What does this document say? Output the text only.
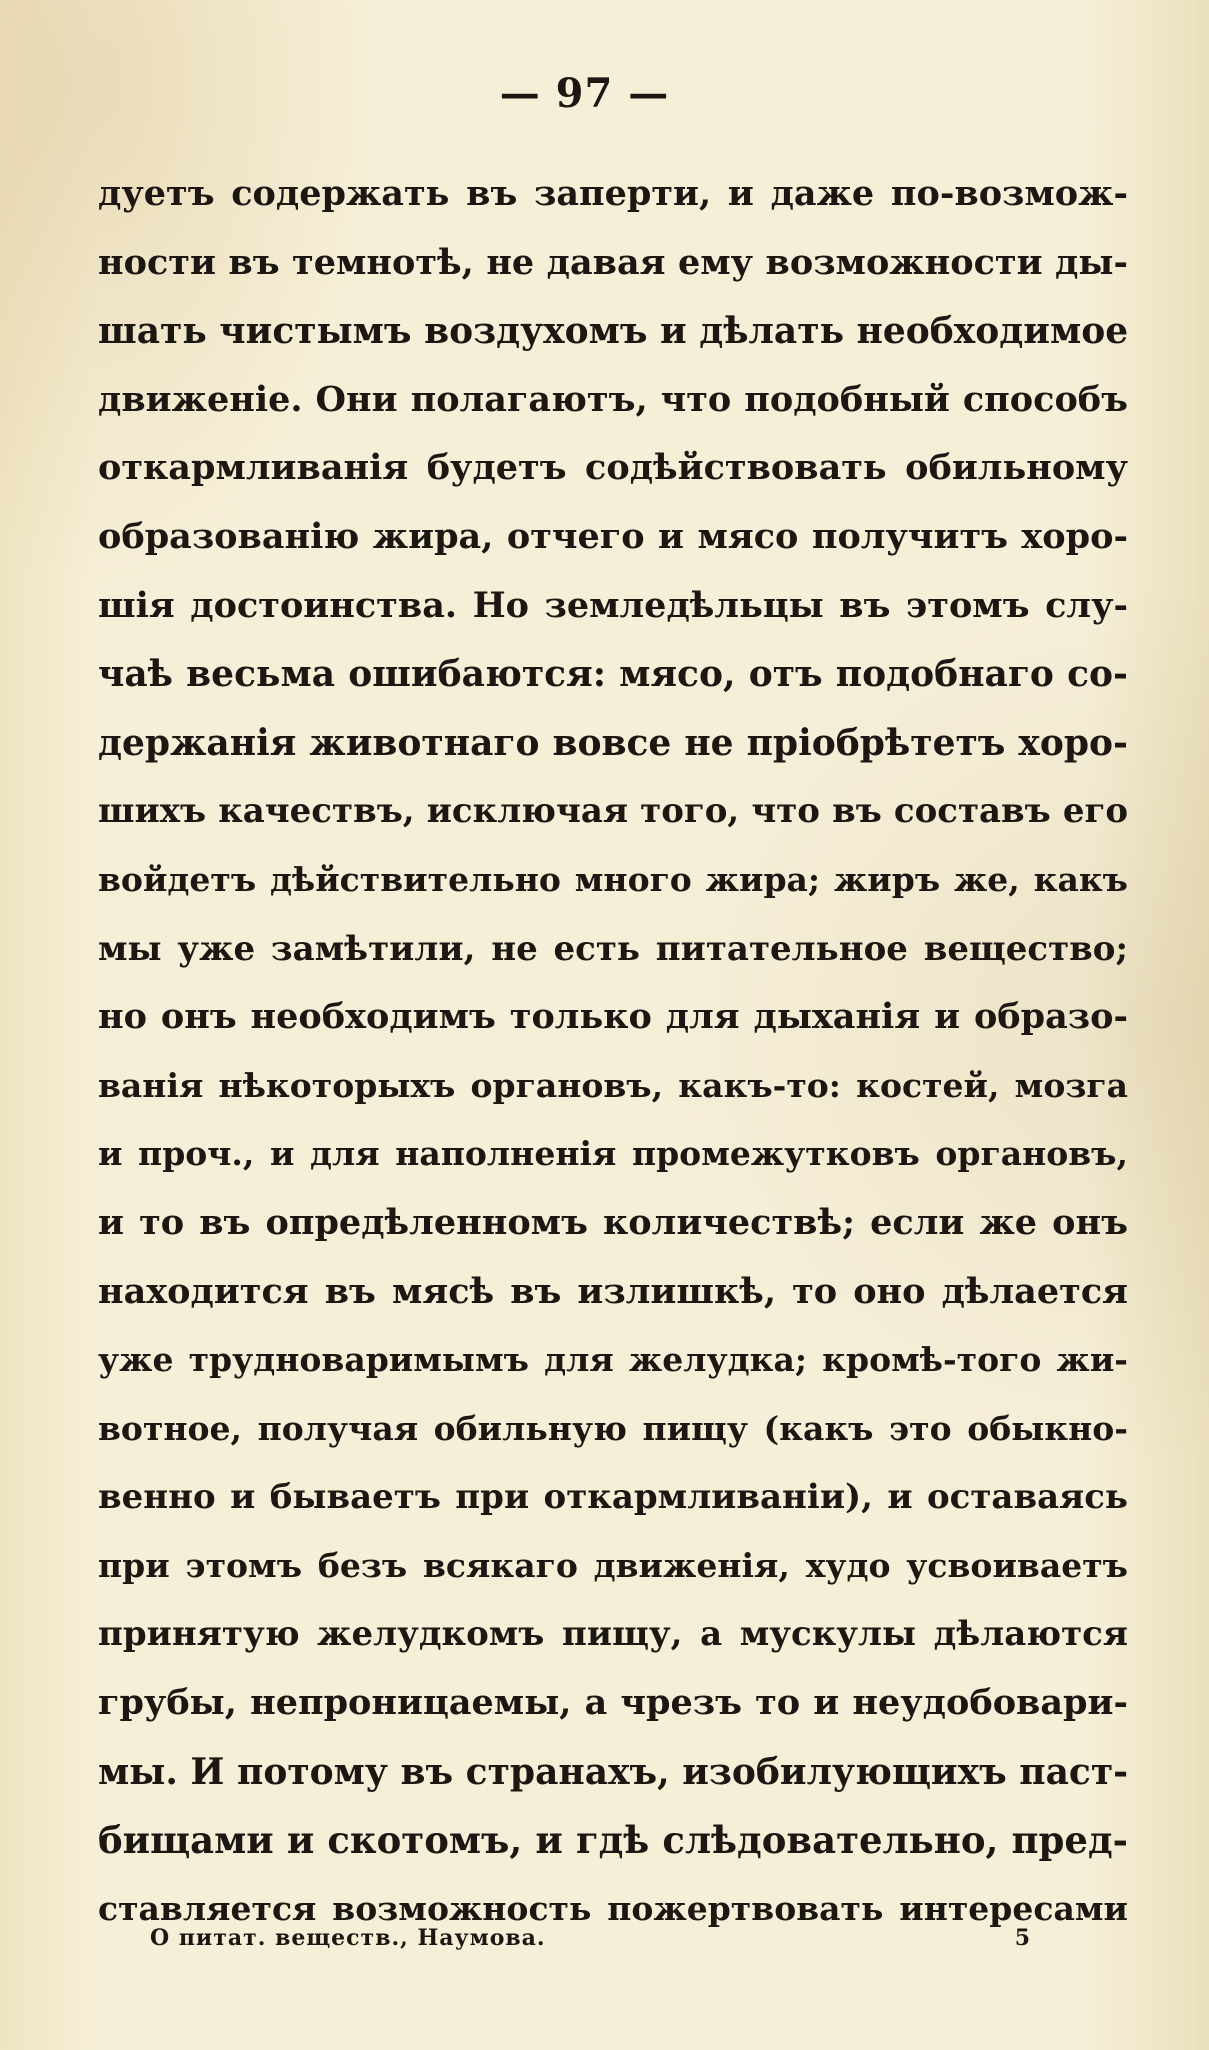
— 97 —
дуетъ содержать въ заперти, и даже по-возмож-
ности въ темнотѣ, не давая ему возможности ды-
шать чистымъ воздухомъ и дѣлать необходимое
движеніе. Они полагаютъ, что подобный способъ
откармливанія будетъ содѣйствовать обильному
образованію жира, отчего и мясо получитъ хоро-
шія достоинства. Но земледѣльцы въ этомъ слу-
чаѣ весьма ошибаются: мясо, отъ подобнаго со-
держанія животнаго вовсе не пріобрѣтетъ хоро-
шихъ качествъ, исключая того, что въ составъ его
войдетъ дѣйствительно много жира; жиръ же, какъ
мы уже замѣтили, не есть питательное вещество;
но онъ необходимъ только для дыханія и образо-
ванія нѣкоторыхъ органовъ, какъ-то: костей, мозга
и проч., и для наполненія промежутковъ органовъ,
и то въ опредѣленномъ количествѣ; если же онъ
находится въ мясѣ въ излишкѣ, то оно дѣлается
уже трудноваримымъ для желудка; кромѣ-того жи-
вотное, получая обильную пищу (какъ это обыкно-
венно и бываетъ при откармливаніи), и оставаясь
при этомъ безъ всякаго движенія, худо усвоиваетъ
принятую желудкомъ пищу, а мускулы дѣлаются
грубы, непроницаемы, а чрезъ то и неудобовари-
мы. И потому въ странахъ, изобилующихъ паст-
бищами и скотомъ, и гдѣ слѣдовательно, пред-
ставляется возможность пожертвовать интересами
О питат. веществ., Наумова.	5
